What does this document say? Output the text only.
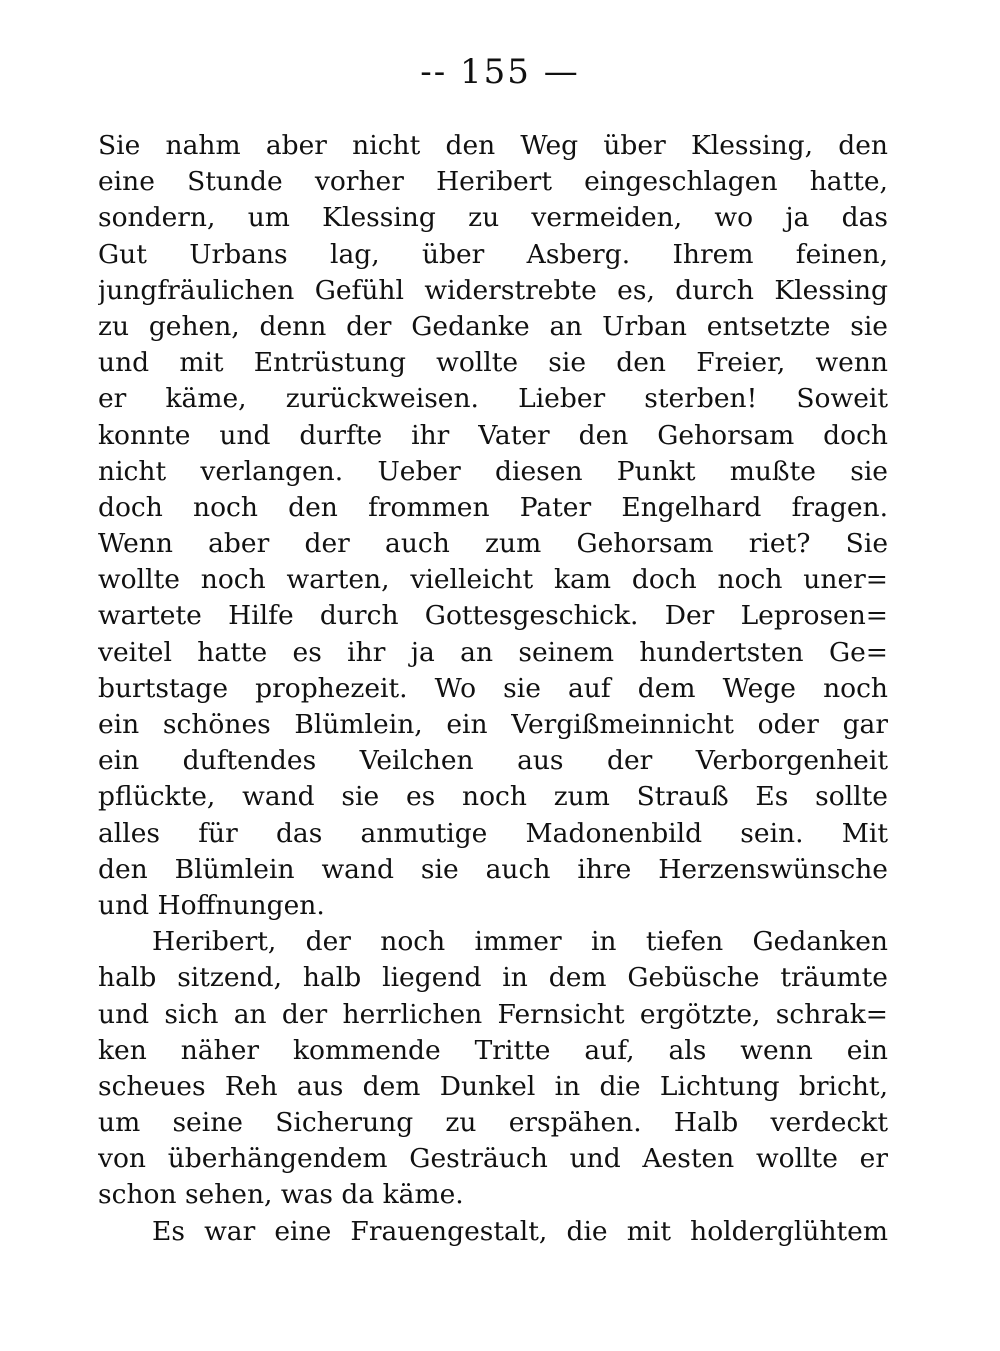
-- 155 —
Sie nahm aber nicht den Weg über Klessing, den
eine Stunde vorher Heribert eingeschlagen hatte,
sondern, um Klessing zu vermeiden, wo ja das
Gut Urbans lag, über Asberg. Ihrem feinen,
jungfräulichen Gefühl widerstrebte es, durch Klessing
zu gehen, denn der Gedanke an Urban entsetzte sie
und mit Entrüstung wollte sie den Freier, wenn
er käme, zurückweisen. Lieber sterben! Soweit
konnte und durfte ihr Vater den Gehorsam doch
nicht verlangen. Ueber diesen Punkt mußte sie
doch noch den frommen Pater Engelhard fragen.
Wenn aber der auch zum Gehorsam riet? Sie
wollte noch warten, vielleicht kam doch noch uner=
wartete Hilfe durch Gottesgeschick. Der Leprosen=
veitel hatte es ihr ja an seinem hundertsten Ge=
burtstage prophezeit. Wo sie auf dem Wege noch
ein schönes Blümlein, ein Vergißmeinnicht oder gar
ein duftendes Veilchen aus der Verborgenheit
pflückte, wand sie es noch zum Strauß Es sollte
alles für das anmutige Madonenbild sein. Mit
den Blümlein wand sie auch ihre Herzenswünsche
und Hoffnungen.
Heribert, der noch immer in tiefen Gedanken
halb sitzend, halb liegend in dem Gebüsche träumte
und sich an der herrlichen Fernsicht ergötzte, schrak=
ken näher kommende Tritte auf, als wenn ein
scheues Reh aus dem Dunkel in die Lichtung bricht,
um seine Sicherung zu erspähen. Halb verdeckt
von überhängendem Gesträuch und Aesten wollte er
schon sehen, was da käme.
Es war eine Frauengestalt, die mit holderglühtem
